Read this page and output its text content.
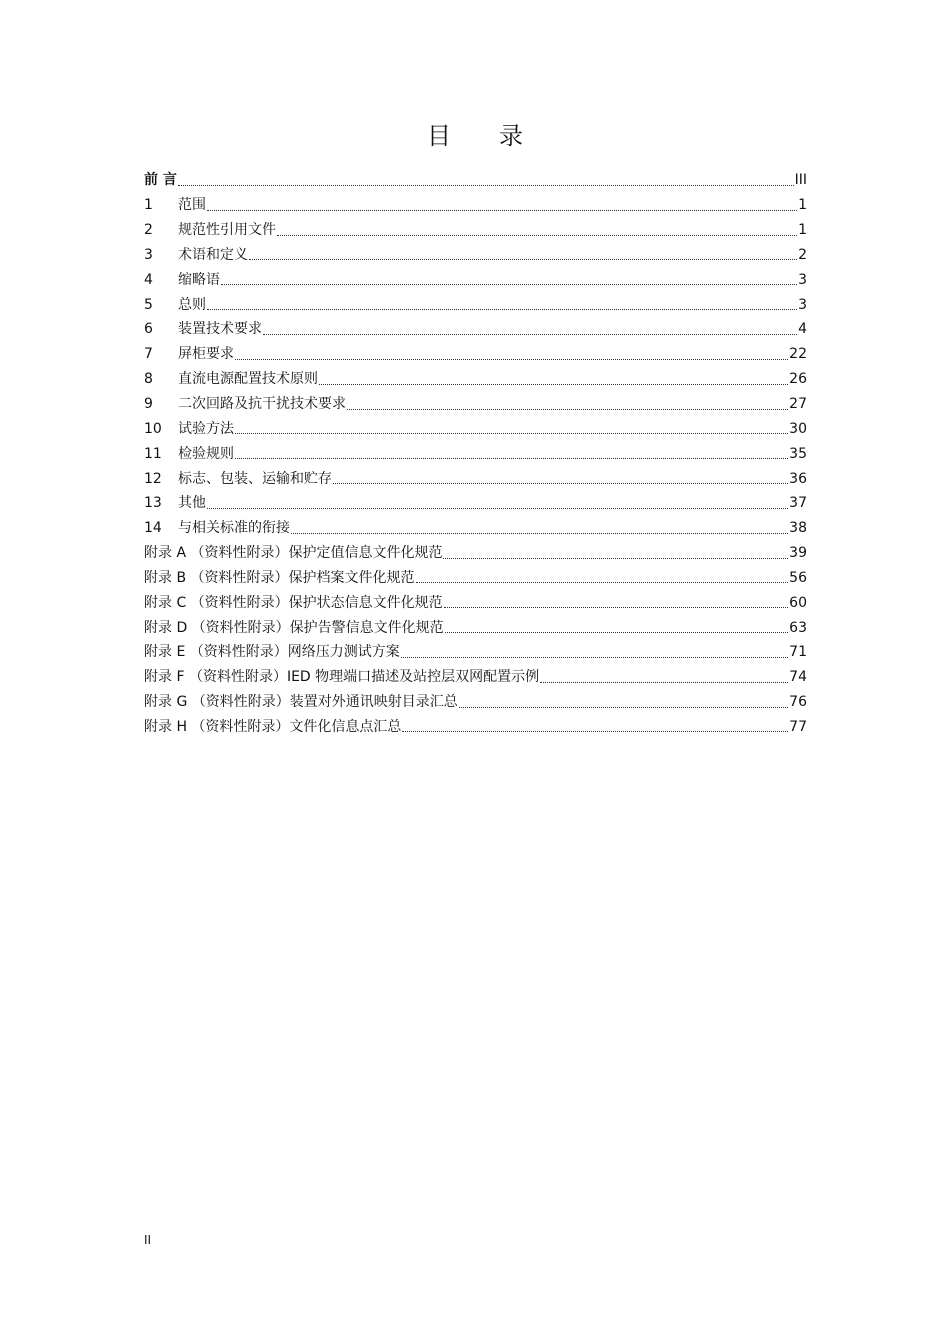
目　　录
前 言	III
1	范围	1
2	规范性引用文件	1
3	术语和定义	2
4	缩略语	3
5	总则	3
6	装置技术要求	4
7	屏柜要求	22
8	直流电源配置技术原则	26
9	二次回路及抗干扰技术要求	27
10	试验方法	30
11	检验规则	35
12	标志、包装、运输和贮存	36
13	其他	37
14	与相关标准的衔接	38
附录 A （资料性附录）保护定值信息文件化规范	39
附录 B （资料性附录）保护档案文件化规范	56
附录 C （资料性附录）保护状态信息文件化规范	60
附录 D （资料性附录）保护告警信息文件化规范	63
附录 E （资料性附录）网络压力测试方案	71
附录 F （资料性附录）IED 物理端口描述及站控层双网配置示例	74
附录 G （资料性附录）装置对外通讯映射目录汇总	76
附录 H （资料性附录）文件化信息点汇总	77
II
